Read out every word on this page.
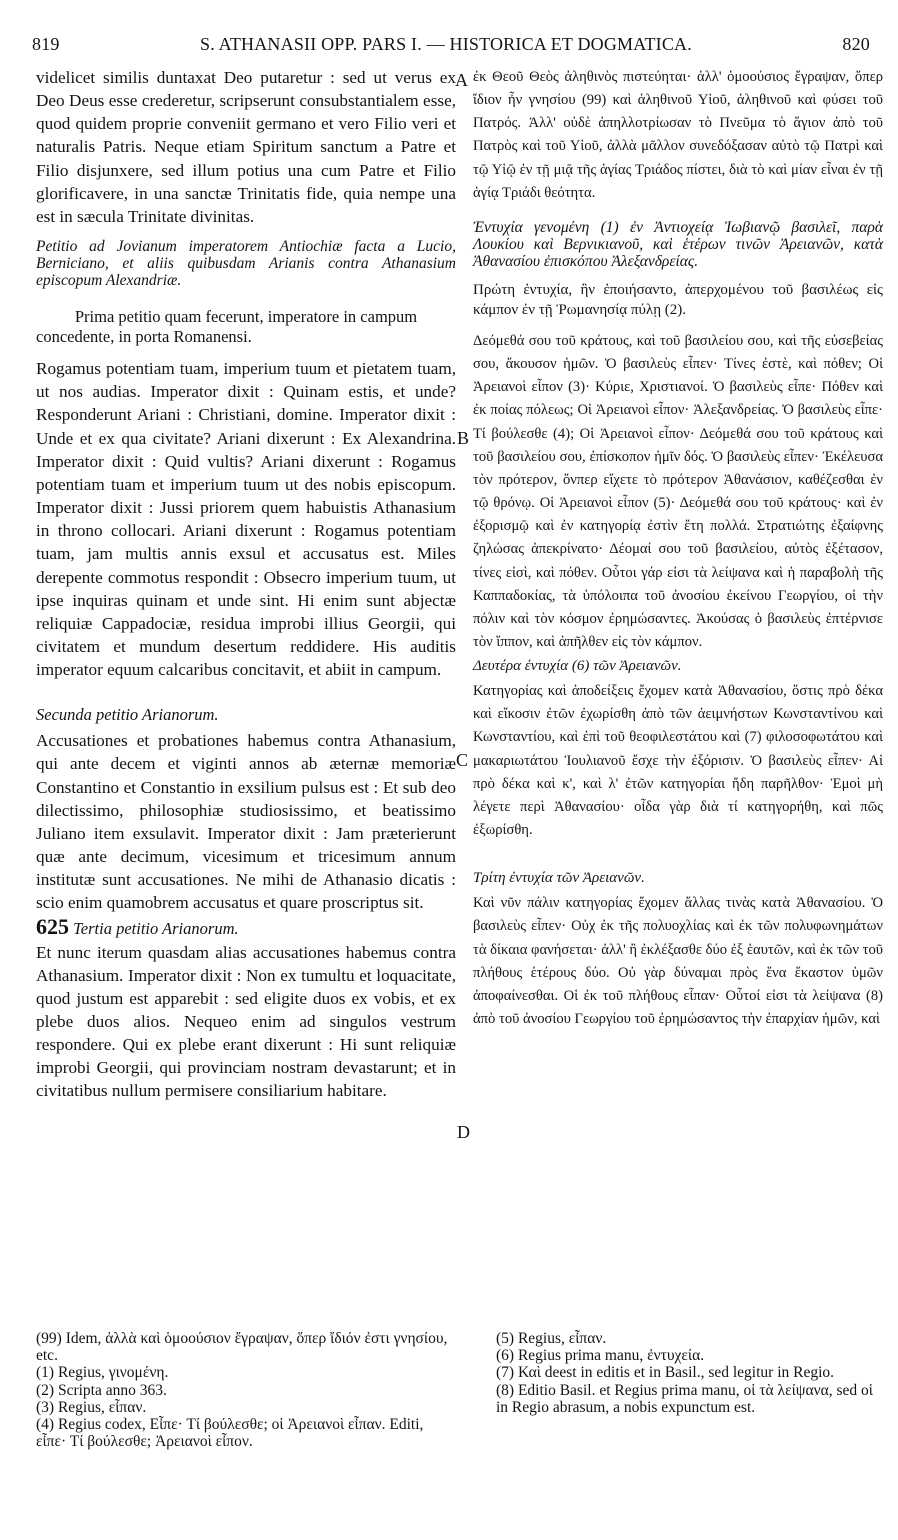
819	S. ATHANASII OPP. PARS I. — HISTORICA ET DOGMATICA.	820
A
B
C
D

videlicet similis duntaxat Deo putaretur : sed ut verus ex Deo Deus esse crederetur, scripserunt consubstantialem esse, quod quidem proprie conveniit germano et vero Filio veri et naturalis Patris. Neque etiam Spiritum sanctum a Patre et Filio disjunxere, sed illum potius una cum Patre et Filio glorificavere, in una sanctæ Trinitatis fide, quia nempe una est in sæcula Trinitate divinitas.

Petitio ad Jovianum imperatorem Antiochiæ facta a Lucio, Berniciano, et aliis quibusdam Arianis contra Athanasium episcopum Alexandriæ.

Prima petitio quam fecerunt, imperatore in campum concedente, in porta Romanensi.

Rogamus potentiam tuam, imperium tuum et pietatem tuam, ut nos audias. Imperator dixit : Quinam estis, et unde? Responderunt Ariani : Christiani, domine. Imperator dixit : Unde et ex qua civitate? Ariani dixerunt : Ex Alexandrina. Imperator dixit : Quid vultis? Ariani dixerunt : Rogamus potentiam tuam et imperium tuum ut des nobis episcopum. Imperator dixit : Jussi priorem quem habuistis Athanasium in throno collocari. Ariani dixerunt : Rogamus potentiam tuam, jam multis annis exsul et accusatus est. Miles derepente commotus respondit : Obsecro imperium tuum, ut ipse inquiras quinam et unde sint. Hi enim sunt abjectæ reliquiæ Cappadociæ, residua improbi illius Georgii, qui civitatem et mundum desertum reddidere. His auditis imperator equum calcaribus concitavit, et abiit in campum.

Secunda petitio Arianorum.

Accusationes et probationes habemus contra Athanasium, qui ante decem et viginti annos ab æternæ memoriæ Constantino et Constantio in exsilium pulsus est : Et sub deo dilectissimo, philosophiæ studiosissimo, et beatissimo Juliano item exsulavit. Imperator dixit : Jam præterierunt quæ ante decimum, vicesimum et tricesimum annum institutæ sunt accusationes. Ne mihi de Athanasio dicatis : scio enim quamobrem accusatus et quare proscriptus sit.

625 Tertia petitio Arianorum.

Et nunc iterum quasdam alias accusationes habemus contra Athanasium. Imperator dixit : Non ex tumultu et loquacitate, quod justum est apparebit : sed eligite duos ex vobis, et ex plebe duos alios. Nequeo enim ad singulos vestrum respondere. Qui ex plebe erant dixerunt : Hi sunt reliquiæ improbi Georgii, qui provinciam nostram devastarunt; et in civitatibus nullum permisere consiliarium habitare.

ἐκ Θεοῦ Θεὸς ἀληθινὸς πιστεύηται· ἀλλ' ὁμοούσιος ἔγραψαν, ὅπερ ἴδιον ἦν γνησίου (99) καὶ ἀληθινοῦ Υἱοῦ, ἀληθινοῦ καὶ φύσει τοῦ Πατρός. Ἀλλ' οὐδὲ ἀπηλλοτρίωσαν τὸ Πνεῦμα τὸ ἅγιον ἀπὸ τοῦ Πατρὸς καὶ τοῦ Υἱοῦ, ἀλλὰ μᾶλλον συνεδόξασαν αὐτὸ τῷ Πατρὶ καὶ τῷ Υἱῷ ἐν τῇ μιᾷ τῆς ἁγίας Τριάδος πίστει, διὰ τὸ καὶ μίαν εἶναι ἐν τῇ ἁγίᾳ Τριάδι θεότητα.

Ἐντυχία γενομένη (1) ἐν Ἀντιοχείᾳ Ἰωβιανῷ βασιλεῖ, παρὰ Λουκίου καὶ Βερνικιανοῦ, καὶ ἑτέρων τινῶν Ἀρειανῶν, κατὰ Ἀθανασίου ἐπισκόπου Ἀλεξανδρείας.

Πρώτη ἐντυχία, ἣν ἐποιήσαντο, ἀπερχομένου τοῦ βασιλέως εἰς κάμπον ἐν τῇ Ῥωμανησίᾳ πύλῃ (2).

Δεόμεθά σου τοῦ κράτους, καὶ τοῦ βασιλείου σου, καὶ τῆς εὐσεβείας σου, ἄκουσον ἡμῶν. Ὁ βασιλεὺς εἶπεν· Τίνες ἐστὲ, καὶ πόθεν; Οἱ Ἀρειανοὶ εἶπον (3)· Κύριε, Χριστιανοί. Ὁ βασιλεὺς εἶπε· Πόθεν καὶ ἐκ ποίας πόλεως; Οἱ Ἀρειανοὶ εἶπον· Ἀλεξανδρείας. Ὁ βασιλεὺς εἶπε· Τί βούλεσθε (4); Οἱ Ἀρειανοὶ εἶπον· Δεόμεθά σου τοῦ κράτους καὶ τοῦ βασιλείου σου, ἐπίσκοπον ἡμῖν δός. Ὁ βασιλεὺς εἶπεν· Ἐκέλευσα τὸν πρότερον, ὅνπερ εἴχετε τὸ πρότερον Ἀθανάσιον, καθέζεσθαι ἐν τῷ θρόνῳ. Οἱ Ἀρειανοὶ εἶπον (5)· Δεόμεθά σου τοῦ κράτους· καὶ ἐν ἐξορισμῷ καὶ ἐν κατηγορίᾳ ἐστὶν ἔτη πολλά. Στρατιώτης ἐξαίφνης ζηλώσας ἀπεκρίνατο· Δέομαί σου τοῦ βασιλείου, αὐτὸς ἐξέτασον, τίνες εἰσὶ, καὶ πόθεν. Οὗτοι γάρ εἰσι τὰ λείψανα καὶ ἡ παραβολὴ τῆς Καππαδοκίας, τὰ ὑπόλοιπα τοῦ ἀνοσίου ἐκείνου Γεωργίου, οἱ τὴν πόλιν καὶ τὸν κόσμον ἐρημώσαντες. Ἀκούσας ὁ βασιλεὺς ἐπτέρνισε τὸν ἵππον, καὶ ἀπῆλθεν εἰς τὸν κάμπον.

Δευτέρα ἐντυχία (6) τῶν Ἀρειανῶν.

Κατηγορίας καὶ ἀποδείξεις ἔχομεν κατὰ Ἀθανασίου, ὅστις πρὸ δέκα καὶ εἴκοσιν ἐτῶν ἐχωρίσθη ἀπὸ τῶν ἀειμνήστων Κωνσταντίνου καὶ Κωνσταντίου, καὶ ἐπὶ τοῦ θεοφιλεστάτου καὶ (7) φιλοσοφωτάτου καὶ μακαριωτάτου Ἰουλιανοῦ ἔσχε τὴν ἐξόρισιν. Ὁ βασιλεὺς εἶπεν· Αἱ πρὸ δέκα καὶ κ', καὶ λ' ἐτῶν κατηγορίαι ἤδη παρῆλθον· Ἐμοὶ μὴ λέγετε περὶ Ἀθανασίου· οἶδα γὰρ διὰ τί κατηγορήθη, καὶ πῶς ἐξωρίσθη.

Τρίτη ἐντυχία τῶν Ἀρειανῶν.

Καὶ νῦν πάλιν κατηγορίας ἔχομεν ἄλλας τινὰς κατὰ Ἀθανασίου. Ὁ βασιλεὺς εἶπεν· Οὐχ ἐκ τῆς πολυοχλίας καὶ ἐκ τῶν πολυφωνημάτων τὰ δίκαια φανήσεται· ἀλλ' ἢ ἐκλέξασθε δύο ἐξ ἑαυτῶν, καὶ ἐκ τῶν τοῦ πλήθους ἑτέρους δύο. Οὐ γὰρ δύναμαι πρὸς ἕνα ἕκαστον ὑμῶν ἀποφαίνεσθαι. Οἱ ἐκ τοῦ πλήθους εἶπαν· Οὗτοί εἰσι τὰ λείψανα (8) ἀπὸ τοῦ ἀνοσίου Γεωργίου τοῦ ἐρημώσαντος τὴν ἐπαρχίαν ἡμῶν, καὶ

(99) Idem, ἀλλὰ καὶ ὁμοούσιον ἔγραψαν, ὅπερ ἴδιόν ἐστι γνησίου, etc.

(1) Regius, γινομένη.

(2) Scripta anno 363.

(3) Regius, εἶπαν.

(4) Regius codex, Εἶπε· Τί βούλεσθε; οἱ Ἀρειανοὶ εἶπαν. Editi, εἶπε· Τί βούλεσθε; Ἀρειανοὶ εἶπον.

(5) Regius, εἶπαν.

(6) Regius prima manu, ἐντυχεία.

(7) Καὶ deest in editis et in Basil., sed legitur in Regio.

(8) Editio Basil. et Regius prima manu, οἱ τὰ λείψανα, sed οἱ in Regio abrasum, a nobis expunctum est.
